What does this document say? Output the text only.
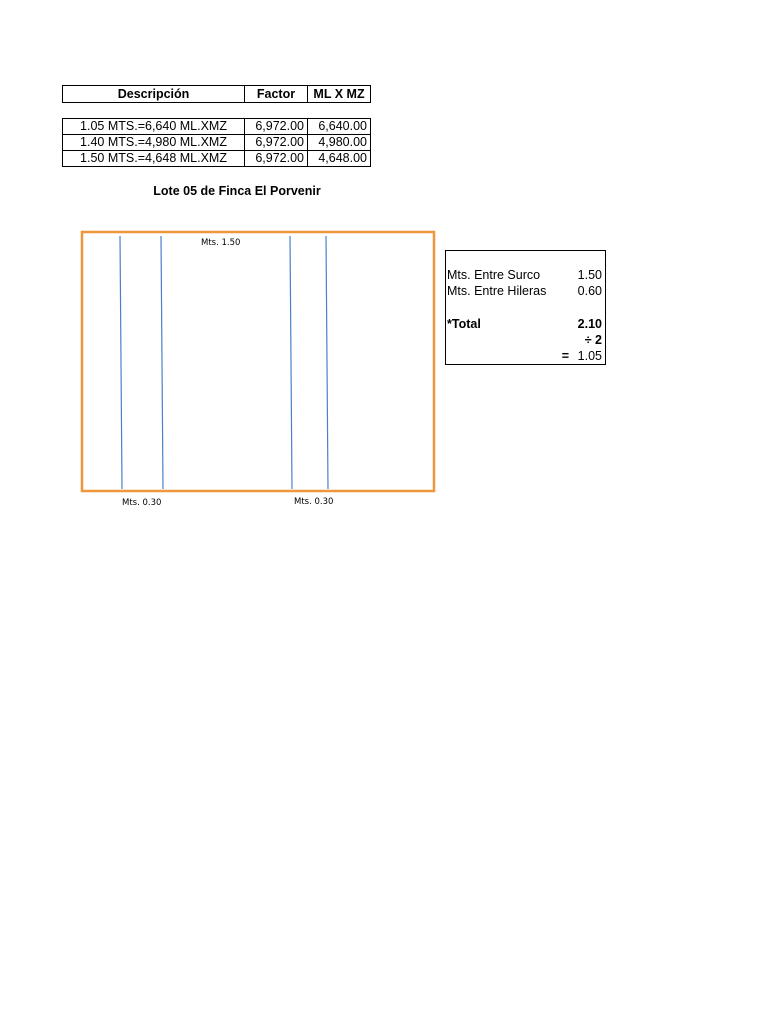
Descripción	Factor	ML X MZ
1.05 MTS.=6,640 ML.XMZ	6,972.00	6,640.00
1.40 MTS.=4,980 ML.XMZ	6,972.00	4,980.00
1.50 MTS.=4,648 ML.XMZ	6,972.00	4,648.00
Lote 05 de Finca El Porvenir
Mts. 1.50
Mts. 0.30	Mts. 0.30
Mts. Entre Surco	1.50
Mts. Entre Hileras	0.60
*Total	2.10
÷ 2
= 1.05
